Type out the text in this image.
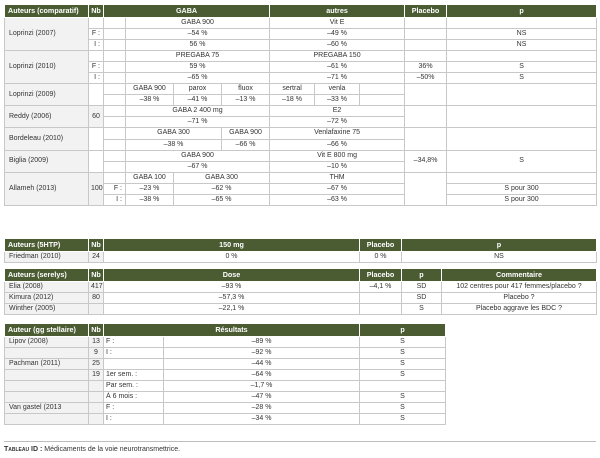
Auteurs (comparatif)	Nb	GABA				autres			Placebo	p
Loprinzi (2007)			GABA 900			Vit E				
	F :		–54 %			–49 %				NS
	I :		56 %			–60 %				NS
Loprinzi (2010)			PREGABA 75			PREGABA 150				
	F :		59 %			–61 %			36%	S
	I :		–65 %			–71 %			–50%	S
Loprinzi (2009)			GABA 900	parox	fluox	sertral	venla			
			–38 %	–41 %	–13 %	–18 %	–33 %			
Reddy (2006)	60		GABA 2 400 mg			E2				
			–71 %			–72 %				
Bordeleau (2010)			GABA 300		GABA 900	Venlafaxine 75				
			–38 %		–66 %	–66 %				
Biglia (2009)			GABA 900			Vit E 800 mg			–34,8%	S
			–67 %			–10 %				
Allameh (2013)	100		GABA 100	GABA 300		THM				
		F :	–23 %	–62 %		–67 %				S pour 300
		I :	–38 %	–65 %		–63 %				S pour 300
Auteurs (5HTP)	Nb	150 mg	Placebo	p
Friedman (2010)	24	0 %	0 %	NS
Auteurs (serelys)	Nb	Dose	Placebo	p	Commentaire
Elia (2008)	417	–93 %	–4,1 %	SD	102 centres pour 417 femmes/placebo ?
Kimura (2012)	80	–57,3 %		SD	Placebo ?
Winther (2005)		–22,1 %		S	Placebo aggrave les BDC ?
Auteur (gg stellaire)	Nb	Résultats		p
Lipov (2008)	13	F :	–89 %	S
	9	I :	–92 %	S
Pachman (2011)	25		–44 %	S
	19	1er sem. :	–64 %	S
		Par sem. :	–1,7 %	
		À 6 mois :	–47 %	S
Van gastel (2013		F :	–28 %	S
		I :	–34 %	S
Tableau ID : Médicaments de la voie neurotransmettrice.
